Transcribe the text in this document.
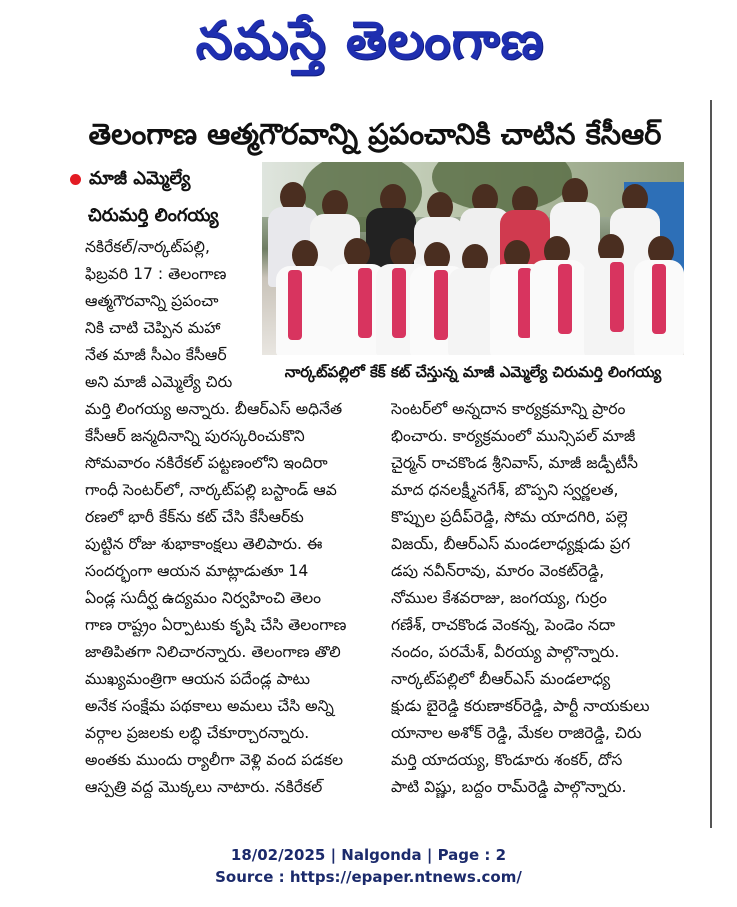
నమస్తే తెలంగాణ
తెలంగాణ ఆత్మగౌరవాన్ని ప్రపంచానికి చాటిన కేసీఆర్
మాజీ ఎమ్మెల్యే
చిరుమర్తి లింగయ్య
నార్కట్‌పల్లిలో కేక్ కట్ చేస్తున్న మాజీ ఎమ్మెల్యే చిరుమర్తి లింగయ్య
నకిరేకల్/నార్కట్‌పల్లి,
ఫిబ్రవరి 17 : తెలంగాణ
ఆత్మగౌరవాన్ని ప్రపంచా
నికి చాటి చెప్పిన మహా
నేత మాజీ సీఎం కేసీఆర్
అని మాజీ ఎమ్మెల్యే చిరు
మర్తి లింగయ్య అన్నారు. బీఆర్‌ఎస్ అధినేత
కేసీఆర్ జన్మదినాన్ని పురస్కరించుకొని
సోమవారం నకిరేకల్ పట్టణంలోని ఇందిరా
గాంధీ సెంటర్‌లో, నార్కట్‌పల్లి బస్టాండ్ ఆవ
రణలో భారీ కేక్‌ను కట్ చేసి కేసీఆర్‌కు
పుట్టిన రోజు శుభాకాంక్షలు తెలిపారు. ఈ
సందర్భంగా ఆయన మాట్లాడుతూ 14
ఏండ్ల సుదీర్ఘ ఉద్యమం నిర్వహించి తెలం
గాణ రాష్ట్రం ఏర్పాటుకు కృషి చేసి తెలంగాణ
జాతిపితగా నిలిచారన్నారు. తెలంగాణ తొలి
ముఖ్యమంత్రిగా ఆయన పదేండ్ల పాటు
అనేక సంక్షేమ పథకాలు అమలు చేసి అన్ని
వర్గాల ప్రజలకు లబ్ధి చేకూర్చారన్నారు.
అంతకు ముందు ర్యాలీగా వెళ్లి వంద పడకల
ఆస్పత్రి వద్ద మొక్కలు నాటారు. నకిరేకల్
సెంటర్‌లో అన్నదాన కార్యక్రమాన్ని ప్రారం
భించారు. కార్యక్రమంలో మున్సిపల్ మాజీ
చైర్మన్ రాచకొండ శ్రీనివాస్, మాజీ జడ్పీటీసీ
మాద ధనలక్ష్మీనగేశ్, బొప్పని స్వర్ణలత,
కొప్పుల ప్రదీప్‌రెడ్డి, సోమ యాదగిరి, పల్లె
విజయ్, బీఆర్‌ఎస్ మండలాధ్యక్షుడు ప్రగ
డపు నవీన్‌రావు, మారం వెంకట్‌రెడ్డి,
నోముల కేశవరాజు, జంగయ్య, గుర్రం
గణేశ్, రాచకొండ వెంకన్న, పెండెం నదా
నందం, పరమేశ్, వీరయ్య పాల్గొన్నారు.
నార్కట్‌పల్లిలో బీఆర్‌ఎస్ మండలాధ్య
క్షుడు బైరెడ్డి కరుణాకర్‌రెడ్డి, పార్టీ నాయకులు
యానాల అశోక్ రెడ్డి, మేకల రాజిరెడ్డి, చిరు
మర్తి యాదయ్య, కొండూరు శంకర్, దోస
పాటి విష్ణు, బద్దం రామ్‌రెడ్డి పాల్గొన్నారు.
18/02/2025 | Nalgonda | Page : 2
Source : https://epaper.ntnews.com/
